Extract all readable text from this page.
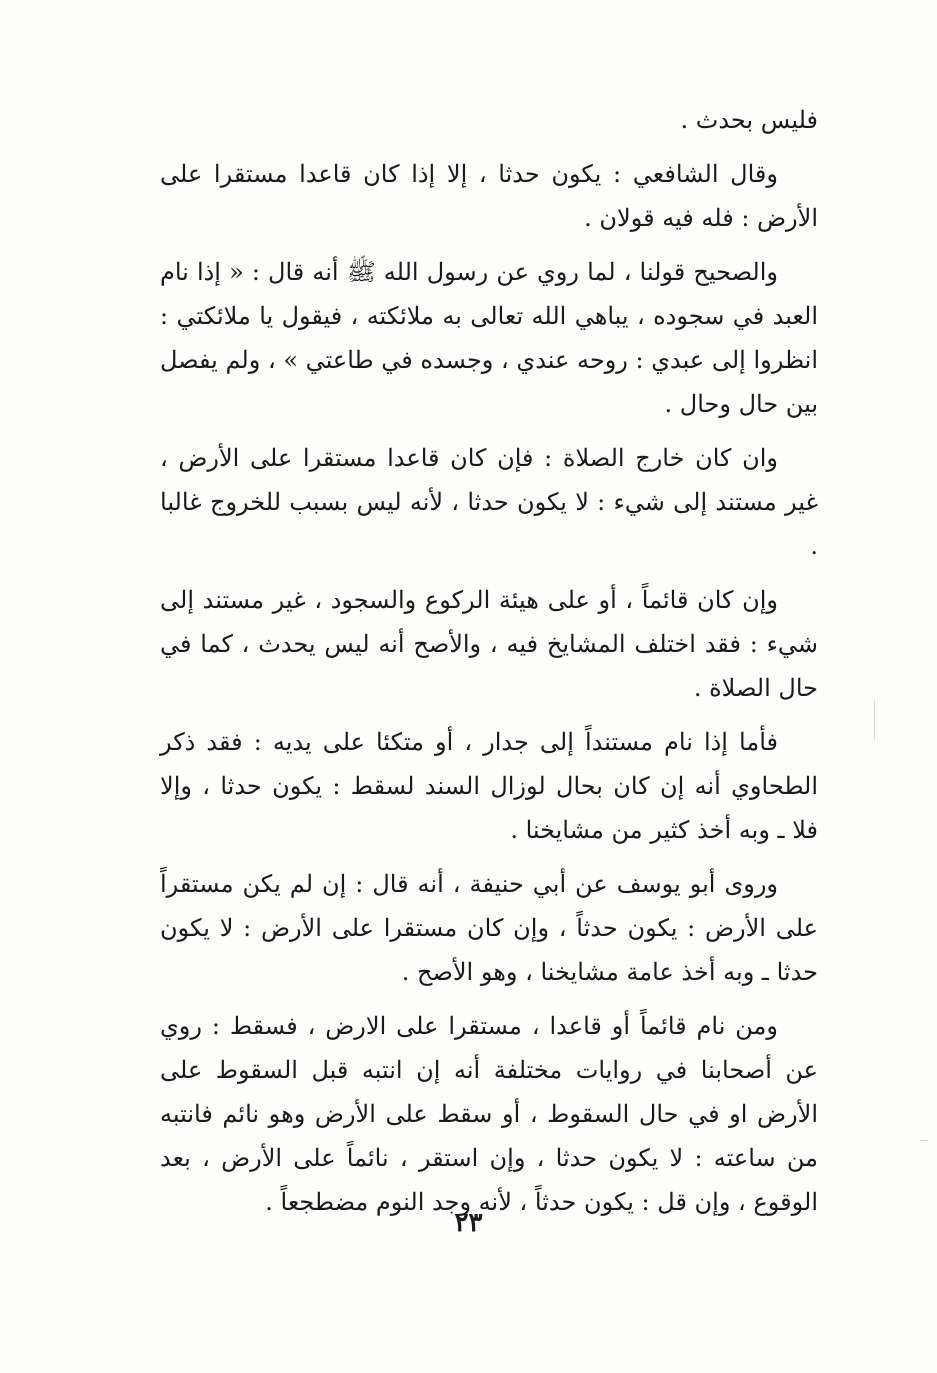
فليس بحدث .

وقال الشافعي : يكون حدثا ، إلا إذا كان قاعدا مستقرا على الأرض : فله فيه قولان .

والصحيح قولنا ، لما روي عن رسول الله ﷺ أنه قال : « إذا نام العبد في سجوده ، يباهي الله تعالى به ملائكته ، فيقول يا ملائكتي : انظروا إلى عبدي : روحه عندي ، وجسده في طاعتي » ، ولم يفصل بين حال وحال .

وان كان خارج الصلاة : فإن كان قاعدا مستقرا على الأرض ، غير مستند إلى شيء : لا يكون حدثا ، لأنه ليس بسبب للخروج غالبا .

وإن كان قائماً ، أو على هيئة الركوع والسجود ، غير مستند إلى شيء : فقد اختلف المشايخ فيه ، والأصح أنه ليس يحدث ، كما في حال الصلاة .

فأما إذا نام مستنداً إلى جدار ، أو متكئا على يديه : فقد ذكر الطحاوي أنه إن كان بحال لوزال السند لسقط : يكون حدثا ، وإلا فلا ـ وبه أخذ كثير من مشايخنا .

وروى أبو يوسف عن أبي حنيفة ، أنه قال : إن لم يكن مستقراً على الأرض : يكون حدثاً ، وإن كان مستقرا على الأرض : لا يكون حدثا ـ وبه أخذ عامة مشايخنا ، وهو الأصح .

ومن نام قائماً أو قاعدا ، مستقرا على الارض ، فسقط : روي عن أصحابنا في روايات مختلفة أنه إن انتبه قبل السقوط على الأرض او في حال السقوط ، أو سقط على الأرض وهو نائم فانتبه من ساعته : لا يكون حدثا ، وإن استقر ، نائماً على الأرض ، بعد الوقوع ، وإن قل : يكون حدثاً ، لأنه وجد النوم مضطجعاً .

٢٣
